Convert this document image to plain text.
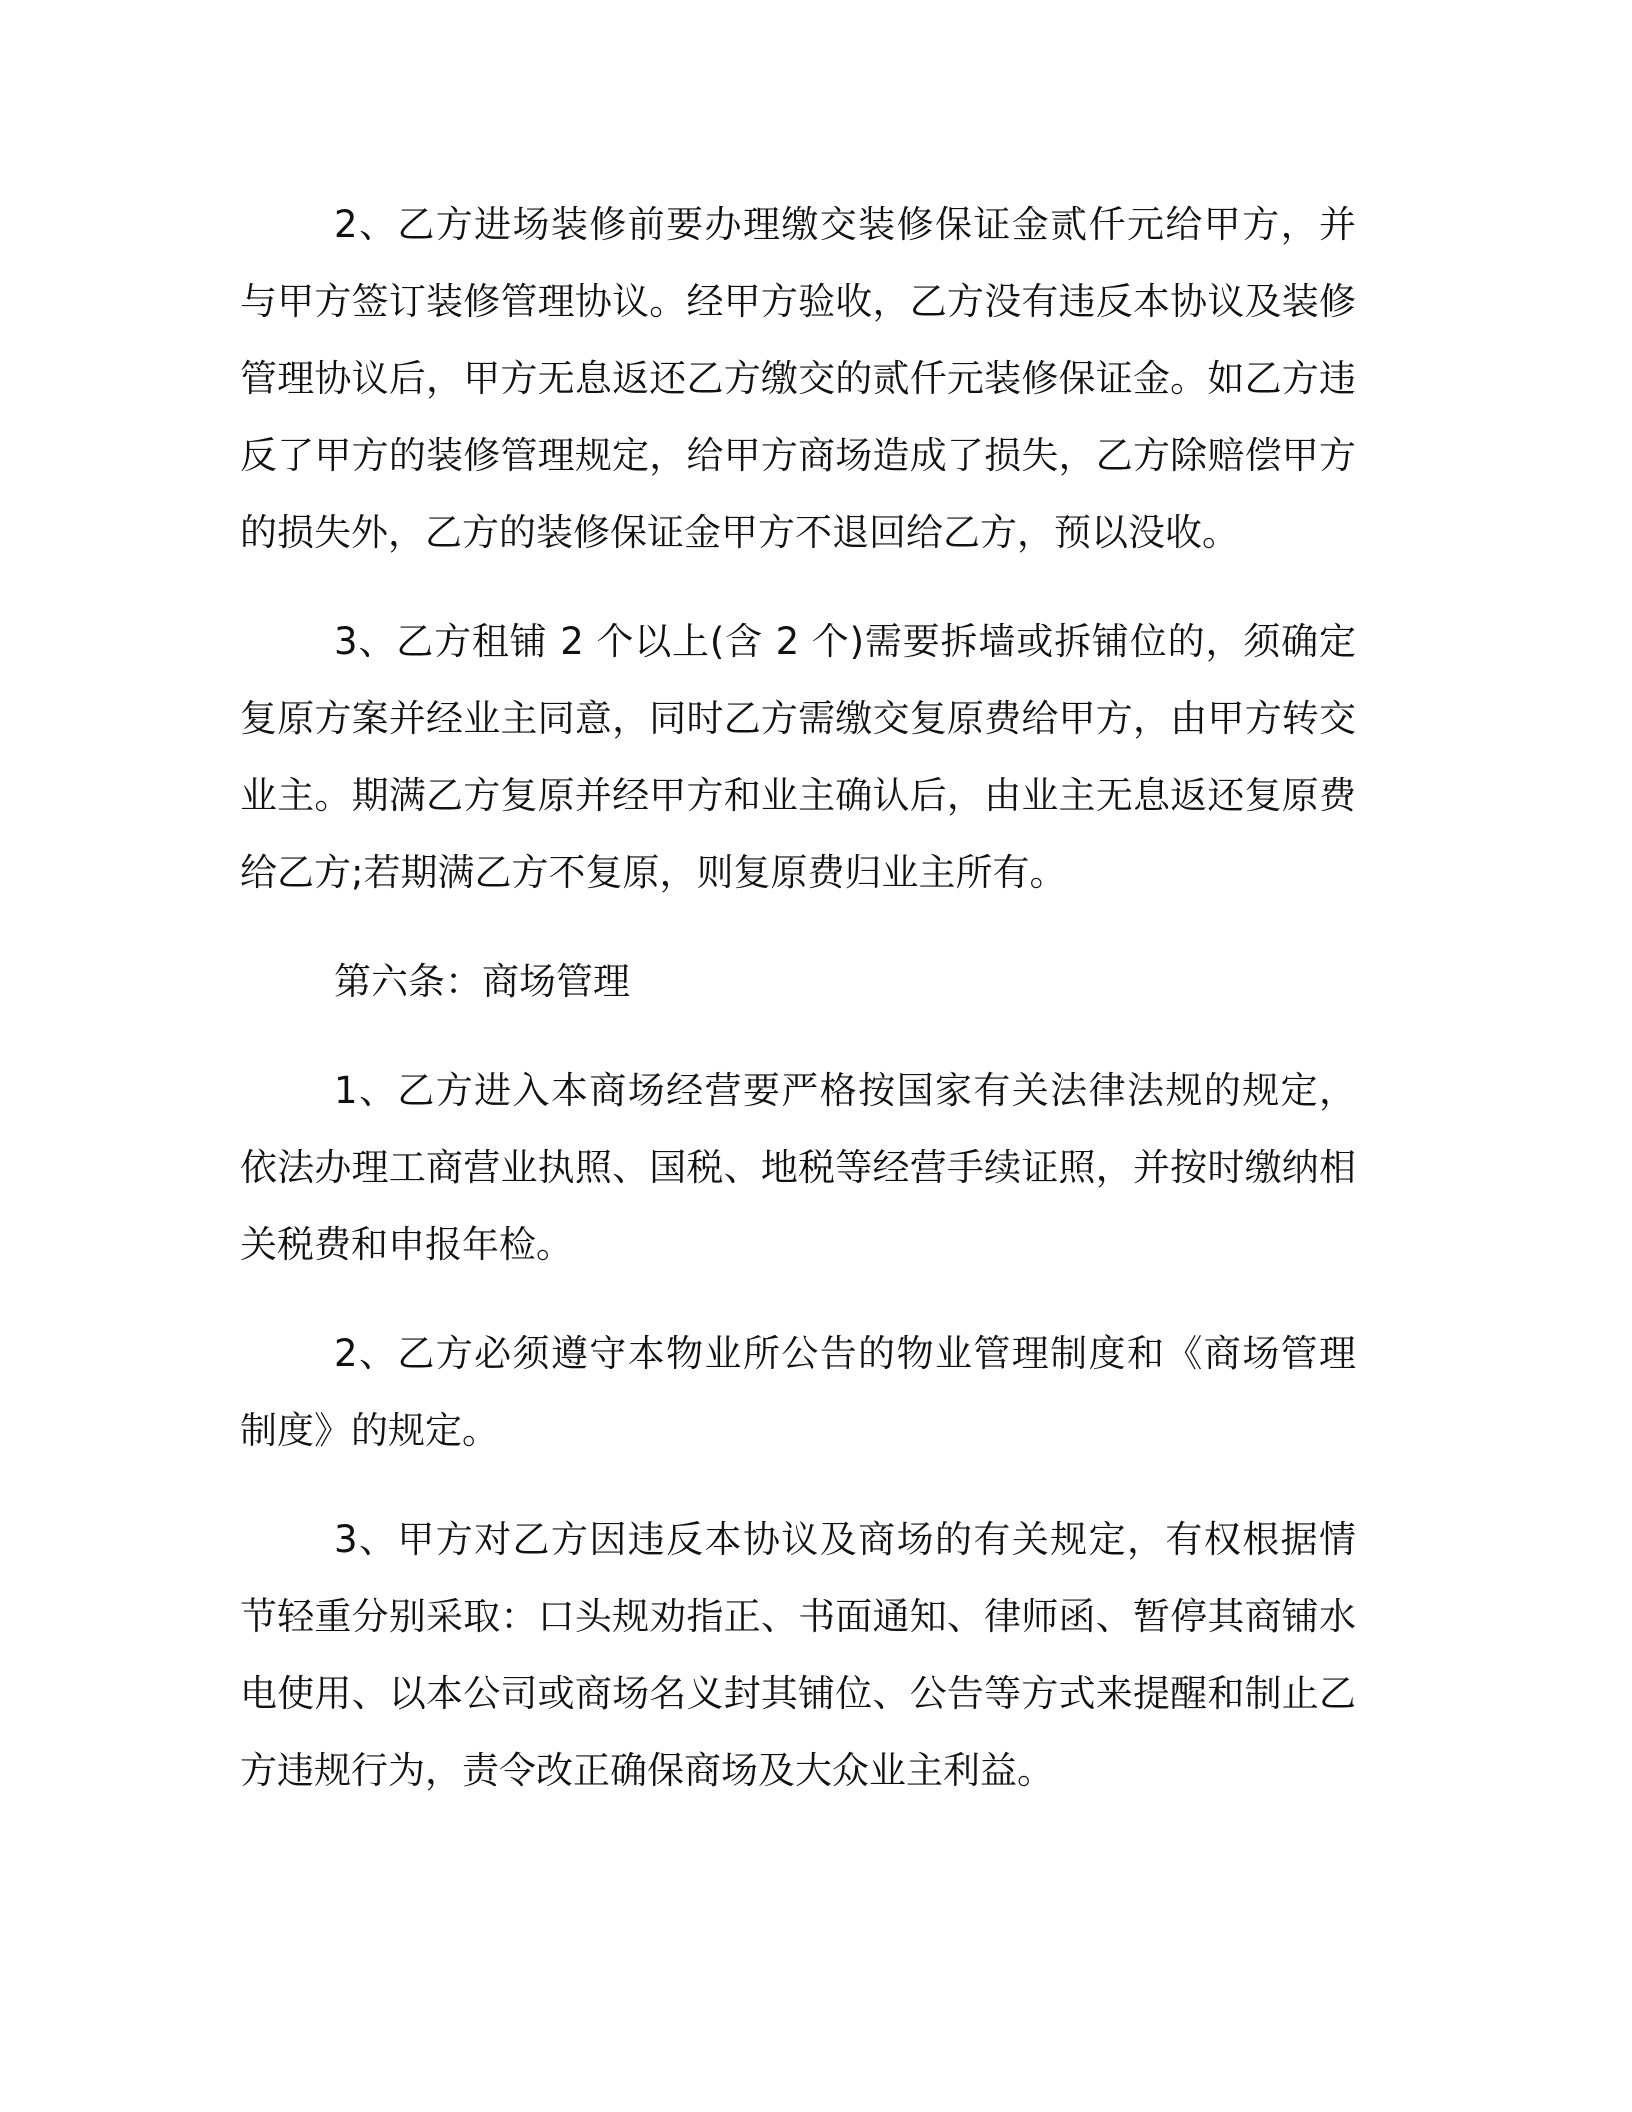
2、乙方进场装修前要办理缴交装修保证金贰仟元给甲方，并与甲方签订装修管理协议。经甲方验收，乙方没有违反本协议及装修管理协议后，甲方无息返还乙方缴交的贰仟元装修保证金。如乙方违反了甲方的装修管理规定，给甲方商场造成了损失，乙方除赔偿甲方的损失外，乙方的装修保证金甲方不退回给乙方，预以没收。

3、乙方租铺 2 个以上(含 2 个)需要拆墙或拆铺位的，须确定复原方案并经业主同意，同时乙方需缴交复原费给甲方，由甲方转交业主。期满乙方复原并经甲方和业主确认后，由业主无息返还复原费给乙方;若期满乙方不复原，则复原费归业主所有。

第六条：商场管理

1、乙方进入本商场经营要严格按国家有关法律法规的规定，依法办理工商营业执照、国税、地税等经营手续证照，并按时缴纳相关税费和申报年检。

2、乙方必须遵守本物业所公告的物业管理制度和《商场管理制度》的规定。

3、甲方对乙方因违反本协议及商场的有关规定，有权根据情节轻重分别采取：口头规劝指正、书面通知、律师函、暂停其商铺水电使用、以本公司或商场名义封其铺位、公告等方式来提醒和制止乙方违规行为，责令改正确保商场及大众业主利益。
